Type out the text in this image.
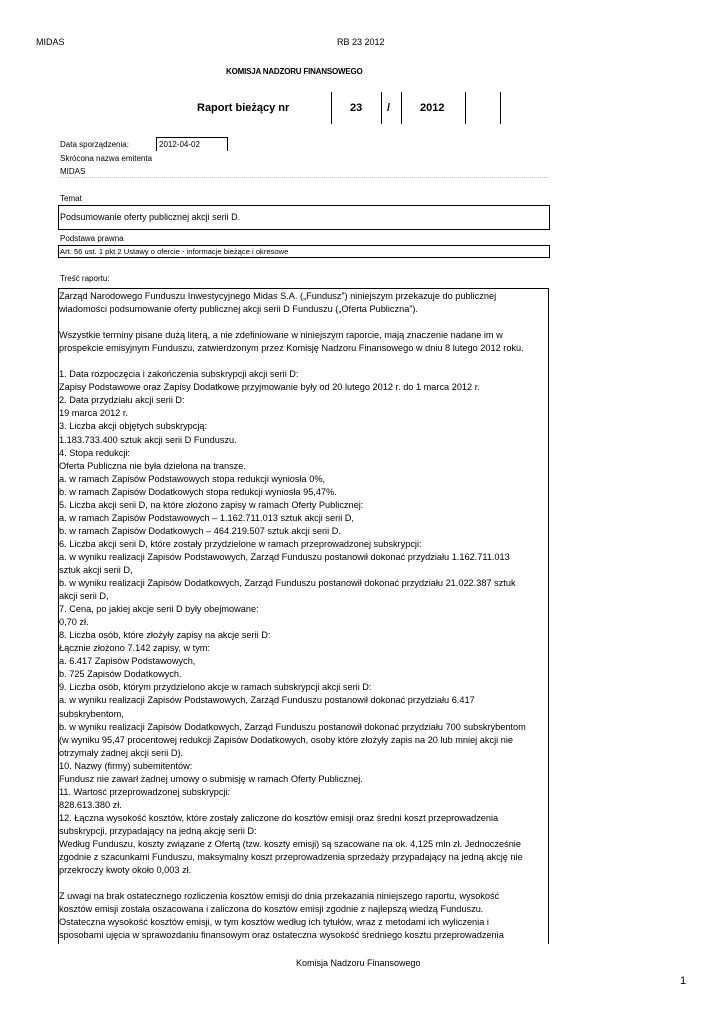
MIDAS	RB 23 2012
KOMISJA NADZORU FINANSOWEGO
Raport bieżący nr	23 /	2012
Data sporządzenia:	2012-04-02
Skrócona nazwa emitenta
MIDAS
Temat
Podsumowanie oferty publicznej akcji serii D.
Podstawa prawna
Art. 56 ust. 1 pkt 2 Ustawy o ofercie - informacje bieżące i okresowe
Treść raportu:
Zarząd Narodowego Funduszu Inwestycyjnego Midas S.A. („Fundusz”) niniejszym przekazuje do publicznej
wiadomości podsumowanie oferty publicznej akcji serii D Funduszu („Oferta Publiczna”).

Wszystkie terminy pisane dużą literą, a nie zdefiniowane w niniejszym raporcie, mają znaczenie nadane im w
prospekcie emisyjnym Funduszu, zatwierdzonym przez Komisję Nadzoru Finansowego w dniu 8 lutego 2012 roku.

1. Data rozpoczęcia i zakończenia subskrypcji akcji serii D:
Zapisy Podstawowe oraz Zapisy Dodatkowe przyjmowanie były od 20 lutego 2012 r. do 1 marca 2012 r.
2. Data przydziału akcji serii D:
19 marca 2012 r.
3. Liczba akcji objętych subskrypcją:
1.183.733.400 sztuk akcji serii D Funduszu.
4. Stopa redukcji:
Oferta Publiczna nie była dzielona na transze.
a. w ramach Zapisów Podstawowych stopa redukcji wyniosła 0%,
b. w ramach Zapisów Dodatkowych stopa redukcji wyniosła 95,47%.
5. Liczba akcji serii D, na które złożono zapisy w ramach Oferty Publicznej:
a. w ramach Zapisów Podstawowych – 1.162.711.013 sztuk akcji serii D,
b. w ramach Zapisów Dodatkowych – 464.219.507 sztuk akcji serii D.
6. Liczba akcji serii D, które zostały przydzielone w ramach przeprowadzonej subskrypcji:
a. w wyniku realizacji Zapisów Podstawowych, Zarząd Funduszu postanowił dokonać przydziału 1.162.711.013
sztuk akcji serii D,
b. w wyniku realizacji Zapisów Dodatkowych, Zarząd Funduszu postanowił dokonać przydziału 21.022.387 sztuk
akcji serii D,
7. Cena, po jakiej akcje serii D były obejmowane:
0,70 zł.
8. Liczba osób, które złożyły zapisy na akcje serii D:
Łącznie złożono 7.142 zapisy, w tym:
a. 6.417 Zapisów Podstawowych,
b. 725 Zapisów Dodatkowych.
9. Liczba osób, którym przydzielono akcje w ramach subskrypcji akcji serii D:
a. w wyniku realizacji Zapisów Podstawowych, Zarząd Funduszu postanowił dokonać przydziału 6.417
subskrybentom,
b. w wyniku realizacji Zapisów Dodatkowych, Zarząd Funduszu postanowił dokonać przydziału 700 subskrybentom
(w wyniku 95,47 procentowej redukcji Zapisów Dodatkowych, osoby które złożyły zapis na 20 lub mniej akcji nie
otrzymały żadnej akcji serii D).
10. Nazwy (firmy) subemitentów:
Fundusz nie zawarł żadnej umowy o submisję w ramach Oferty Publicznej.
11. Wartość przeprowadzonej subskrypcji:
828.613.380 zł.
12. Łączna wysokość kosztów, które zostały zaliczone do kosztów emisji oraz średni koszt przeprowadzenia
subskrypcji, przypadający na jedną akcję serii D:
Według Funduszu, koszty związane z Ofertą (tzw. koszty emisji) są szacowane na ok. 4,125 mln zł. Jednocześnie
zgodnie z szacunkami Funduszu, maksymalny koszt przeprowadzenia sprzedaży przypadający na jedną akcję nie
przekroczy kwoty około 0,003 zł.

Z uwagi na brak ostatecznego rozliczenia kosztów emisji do dnia przekazania niniejszego raportu, wysokość
kosztów emisji została oszacowana i zaliczona do kosztów emisji zgodnie z najlepszą wiedzą Funduszu.
Ostateczna wysokość kosztów emisji, w tym kosztów według ich tytułów, wraz z metodami ich wyliczenia i
sposobami ujęcia w sprawozdaniu finansowym oraz ostateczna wysokość średniego kosztu przeprowadzenia
Komisja Nadzoru Finansowego
1
